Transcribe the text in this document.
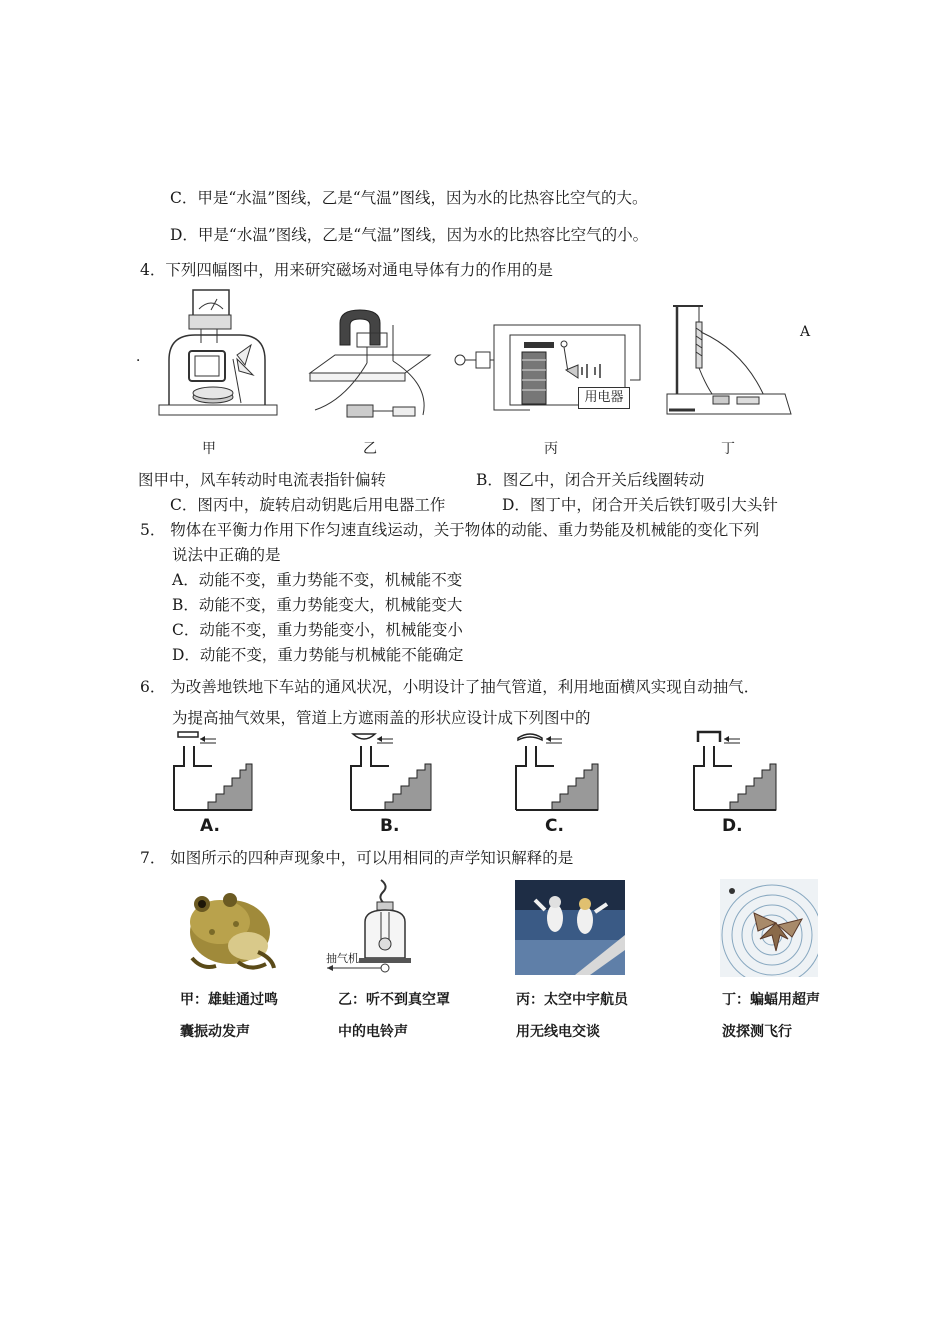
C．甲是“水温”图线，乙是“气温”图线，因为水的比热容比空气的大。
D．甲是“水温”图线，乙是“气温”图线，因为水的比热容比空气的小。
4．下列四幅图中，用来研究磁场对通电导体有力的作用的是
A
．
用电器
甲	乙	丙	丁
图甲中，风车转动时电流表指针偏转	B．图乙中，闭合开关后线圈转动
C．图丙中，旋转启动钥匙后用电器工作	D．图丁中，闭合开关后铁钉吸引大头针
5． 物体在平衡力作用下作匀速直线运动，关于物体的动能、重力势能及机械能的变化下列
说法中正确的是
A．动能不变，重力势能不变，机械能不变
B．动能不变，重力势能变大，机械能变大
C．动能不变，重力势能变小，机械能变小
D．动能不变，重力势能与机械能不能确定
6． 为改善地铁地下车站的通风状况，小明设计了抽气管道，利用地面横风实现自动抽气．
为提高抽气效果，管道上方遮雨盖的形状应设计成下列图中的
A.	B.	C.	D.
7． 如图所示的四种声现象中，可以用相同的声学知识解释的是
抽气机
甲：雄蛙通过鸣
囊振动发声
乙：听不到真空罩
中的电铃声
丙：太空中宇航员
用无线电交谈
丁：蝙蝠用超声
波探测飞行
